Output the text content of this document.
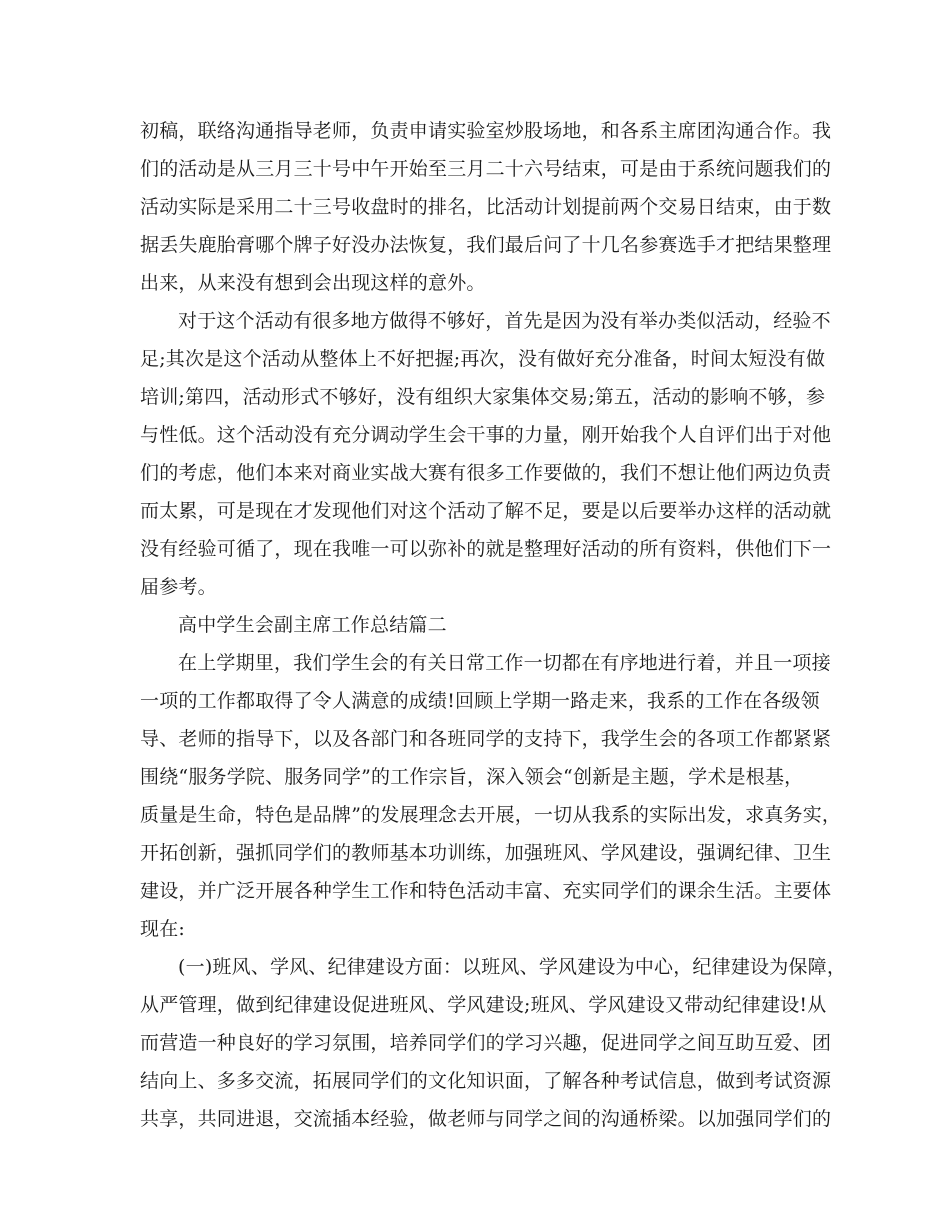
初稿，联络沟通指导老师，负责申请实验室炒股场地，和各系主席团沟通合作。我
们的活动是从三月三十号中午开始至三月二十六号结束，可是由于系统问题我们的
活动实际是采用二十三号收盘时的排名，比活动计划提前两个交易日结束，由于数
据丢失鹿胎膏哪个牌子好没办法恢复，我们最后问了十几名参赛选手才把结果整理
出来，从来没有想到会出现这样的意外。
对于这个活动有很多地方做得不够好，首先是因为没有举办类似活动，经验不
足;其次是这个活动从整体上不好把握;再次，没有做好充分准备，时间太短没有做
培训;第四，活动形式不够好，没有组织大家集体交易;第五，活动的影响不够，参
与性低。这个活动没有充分调动学生会干事的力量，刚开始我个人自评们出于对他
们的考虑，他们本来对商业实战大赛有很多工作要做的，我们不想让他们两边负责
而太累，可是现在才发现他们对这个活动了解不足，要是以后要举办这样的活动就
没有经验可循了，现在我唯一可以弥补的就是整理好活动的所有资料，供他们下一
届参考。
高中学生会副主席工作总结篇二
在上学期里，我们学生会的有关日常工作一切都在有序地进行着，并且一项接
一项的工作都取得了令人满意的成绩!回顾上学期一路走来，我系的工作在各级领
导、老师的指导下，以及各部门和各班同学的支持下，我学生会的各项工作都紧紧
围绕“服务学院、服务同学”的工作宗旨，深入领会“创新是主题，学术是根基，
质量是生命，特色是品牌”的发展理念去开展，一切从我系的实际出发，求真务实，
开拓创新，强抓同学们的教师基本功训练，加强班风、学风建设，强调纪律、卫生
建设，并广泛开展各种学生工作和特色活动丰富、充实同学们的课余生活。主要体
现在:
(一)班风、学风、纪律建设方面：以班风、学风建设为中心，纪律建设为保障，
从严管理，做到纪律建设促进班风、学风建设;班风、学风建设又带动纪律建设!从
而营造一种良好的学习氛围，培养同学们的学习兴趣，促进同学之间互助互爱、团
结向上、多多交流，拓展同学们的文化知识面，了解各种考试信息，做到考试资源
共享，共同进退，交流插本经验，做老师与同学之间的沟通桥梁。以加强同学们的
